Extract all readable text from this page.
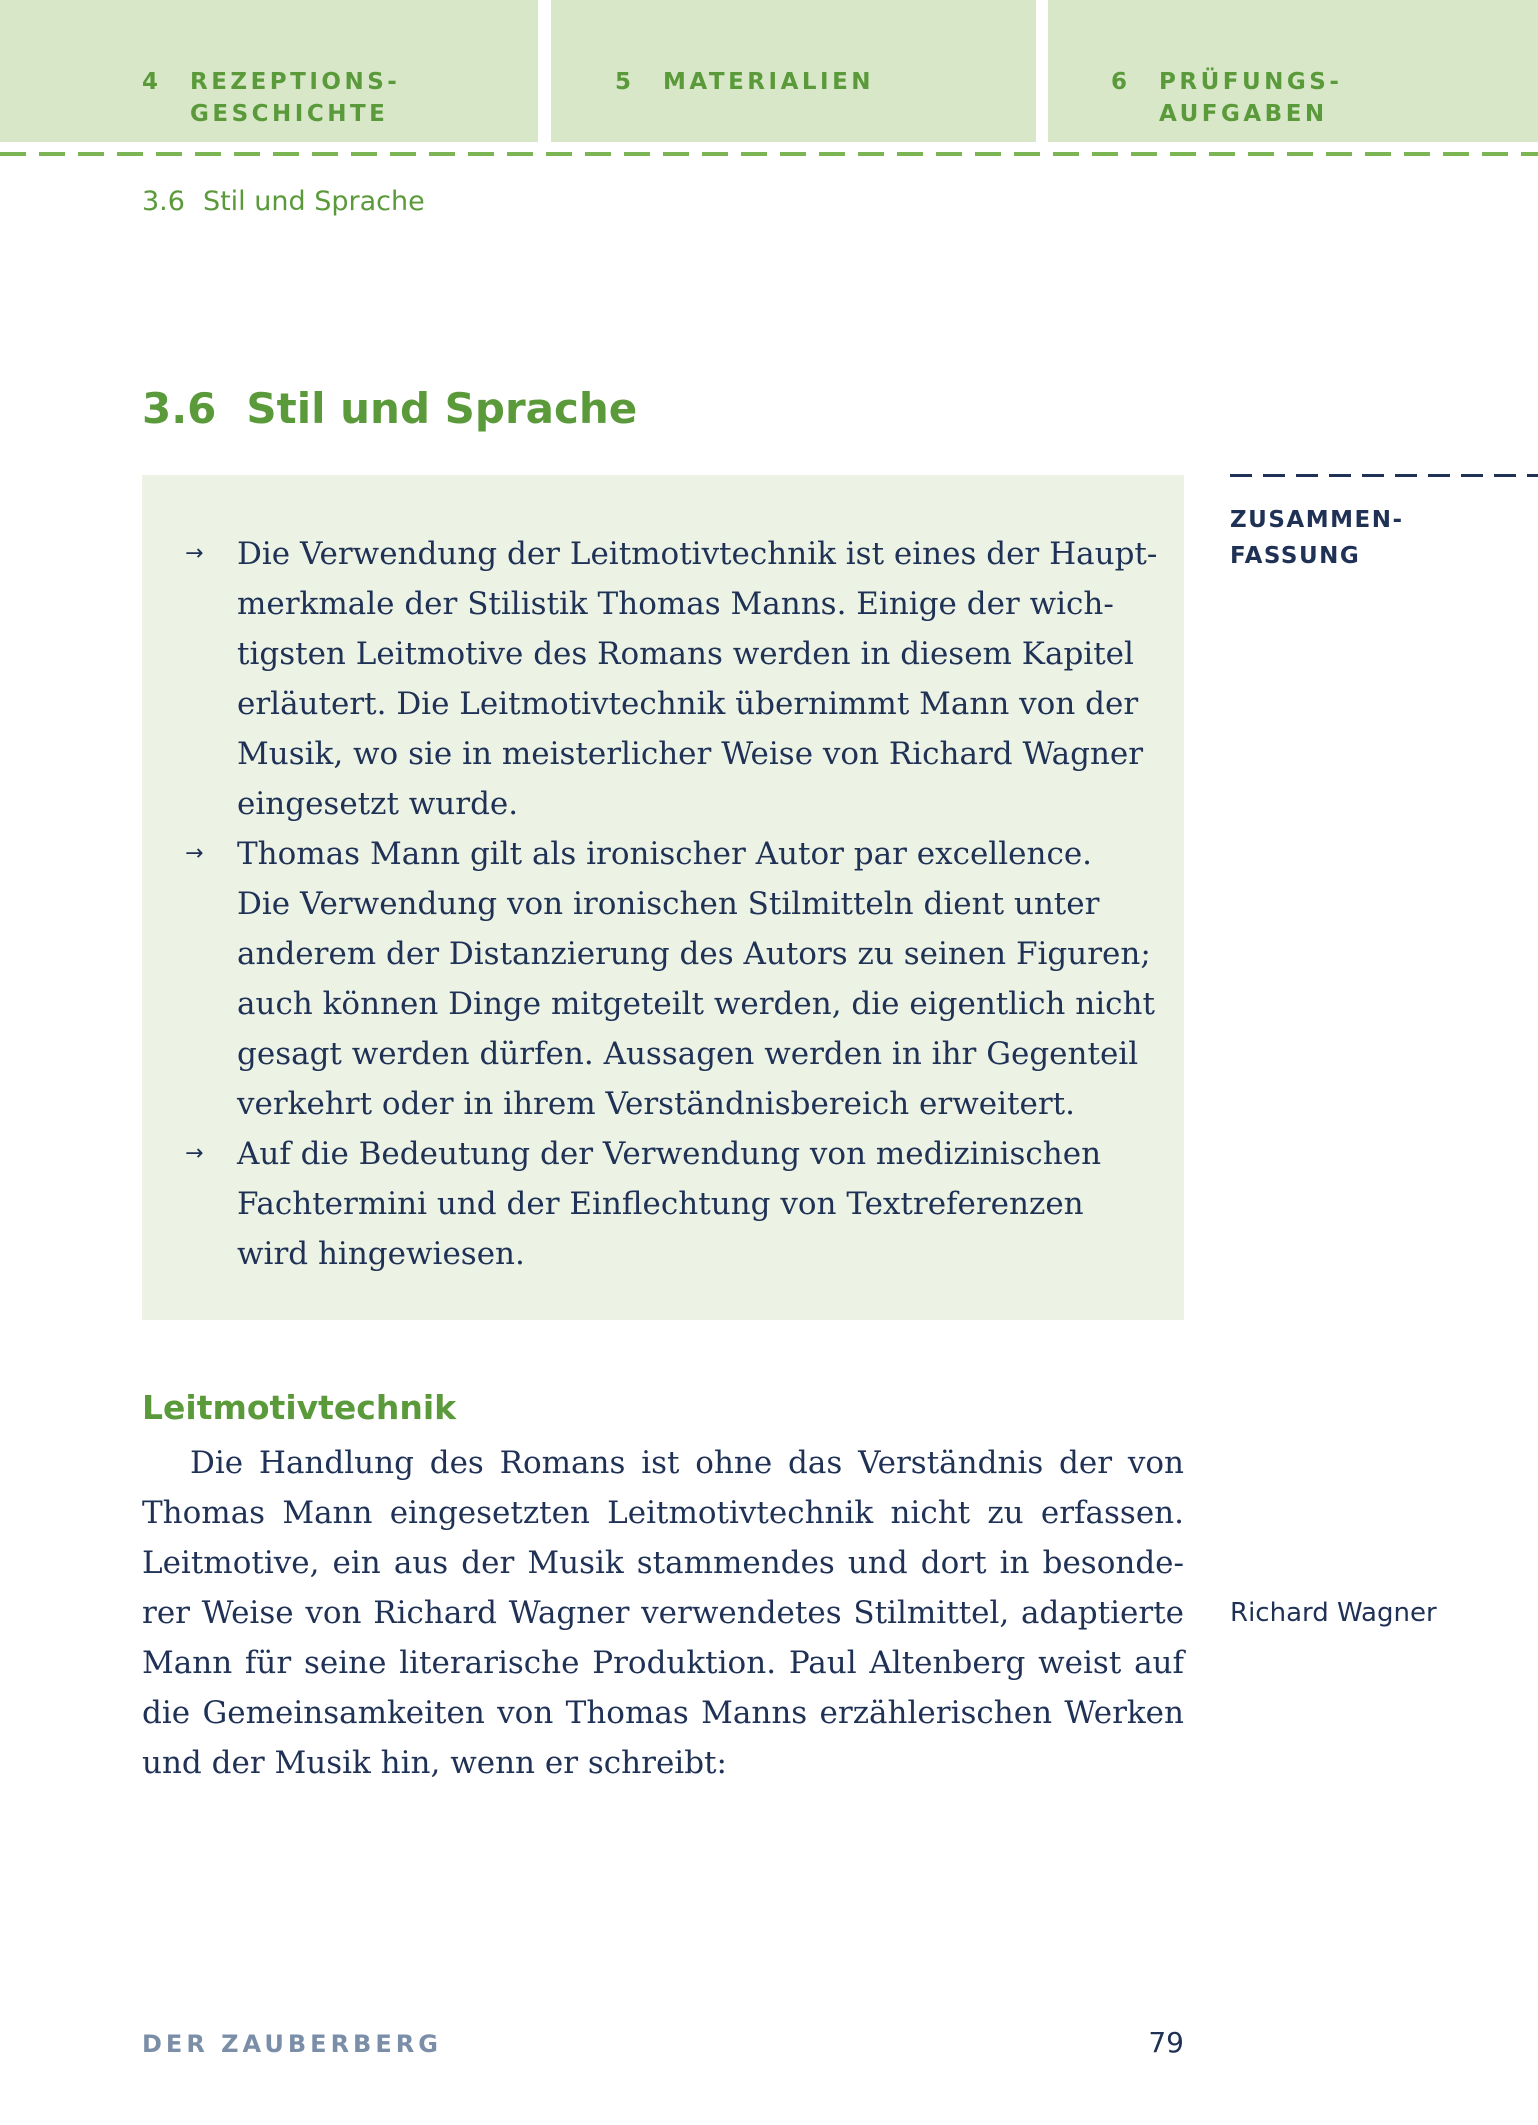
4 REZEPTIONS-
GESCHICHTE
5 MATERIALIEN	6 PRÜFUNGS-
AUFGABEN
3.6 Stil und Sprache
3.6 Stil und Sprache
ZUSAMMEN-
FASSUNG
→ Die Verwendung der Leitmotivtechnik ist eines der Haupt-
merkmale der Stilistik Thomas Manns. Einige der wich-
tigsten Leitmotive des Romans werden in diesem Kapitel
erläutert. Die Leitmotivtechnik übernimmt Mann von der
Musik, wo sie in meisterlicher Weise von Richard Wagner
eingesetzt wurde.
→ Thomas Mann gilt als ironischer Autor par excellence.
Die Verwendung von ironischen Stilmitteln dient unter
anderem der Distanzierung des Autors zu seinen Figuren;
auch können Dinge mitgeteilt werden, die eigentlich nicht
gesagt werden dürfen. Aussagen werden in ihr Gegenteil
verkehrt oder in ihrem Verständnisbereich erweitert.
→ Auf die Bedeutung der Verwendung von medizinischen
Fachtermini und der Einflechtung von Textreferenzen
wird hingewiesen.
Leitmotivtechnik
Richard Wagner
Die Handlung des Romans ist ohne das Verständnis der von
Thomas Mann eingesetzten Leitmotivtechnik nicht zu erfassen.
Leitmotive, ein aus der Musik stammendes und dort in besonde-
rer Weise von Richard Wagner verwendetes Stilmittel, adaptierte
Mann für seine literarische Produktion. Paul Altenberg weist auf
die Gemeinsamkeiten von Thomas Manns erzählerischen Werken
und der Musik hin, wenn er schreibt:
DER ZAUBERBERG	79
